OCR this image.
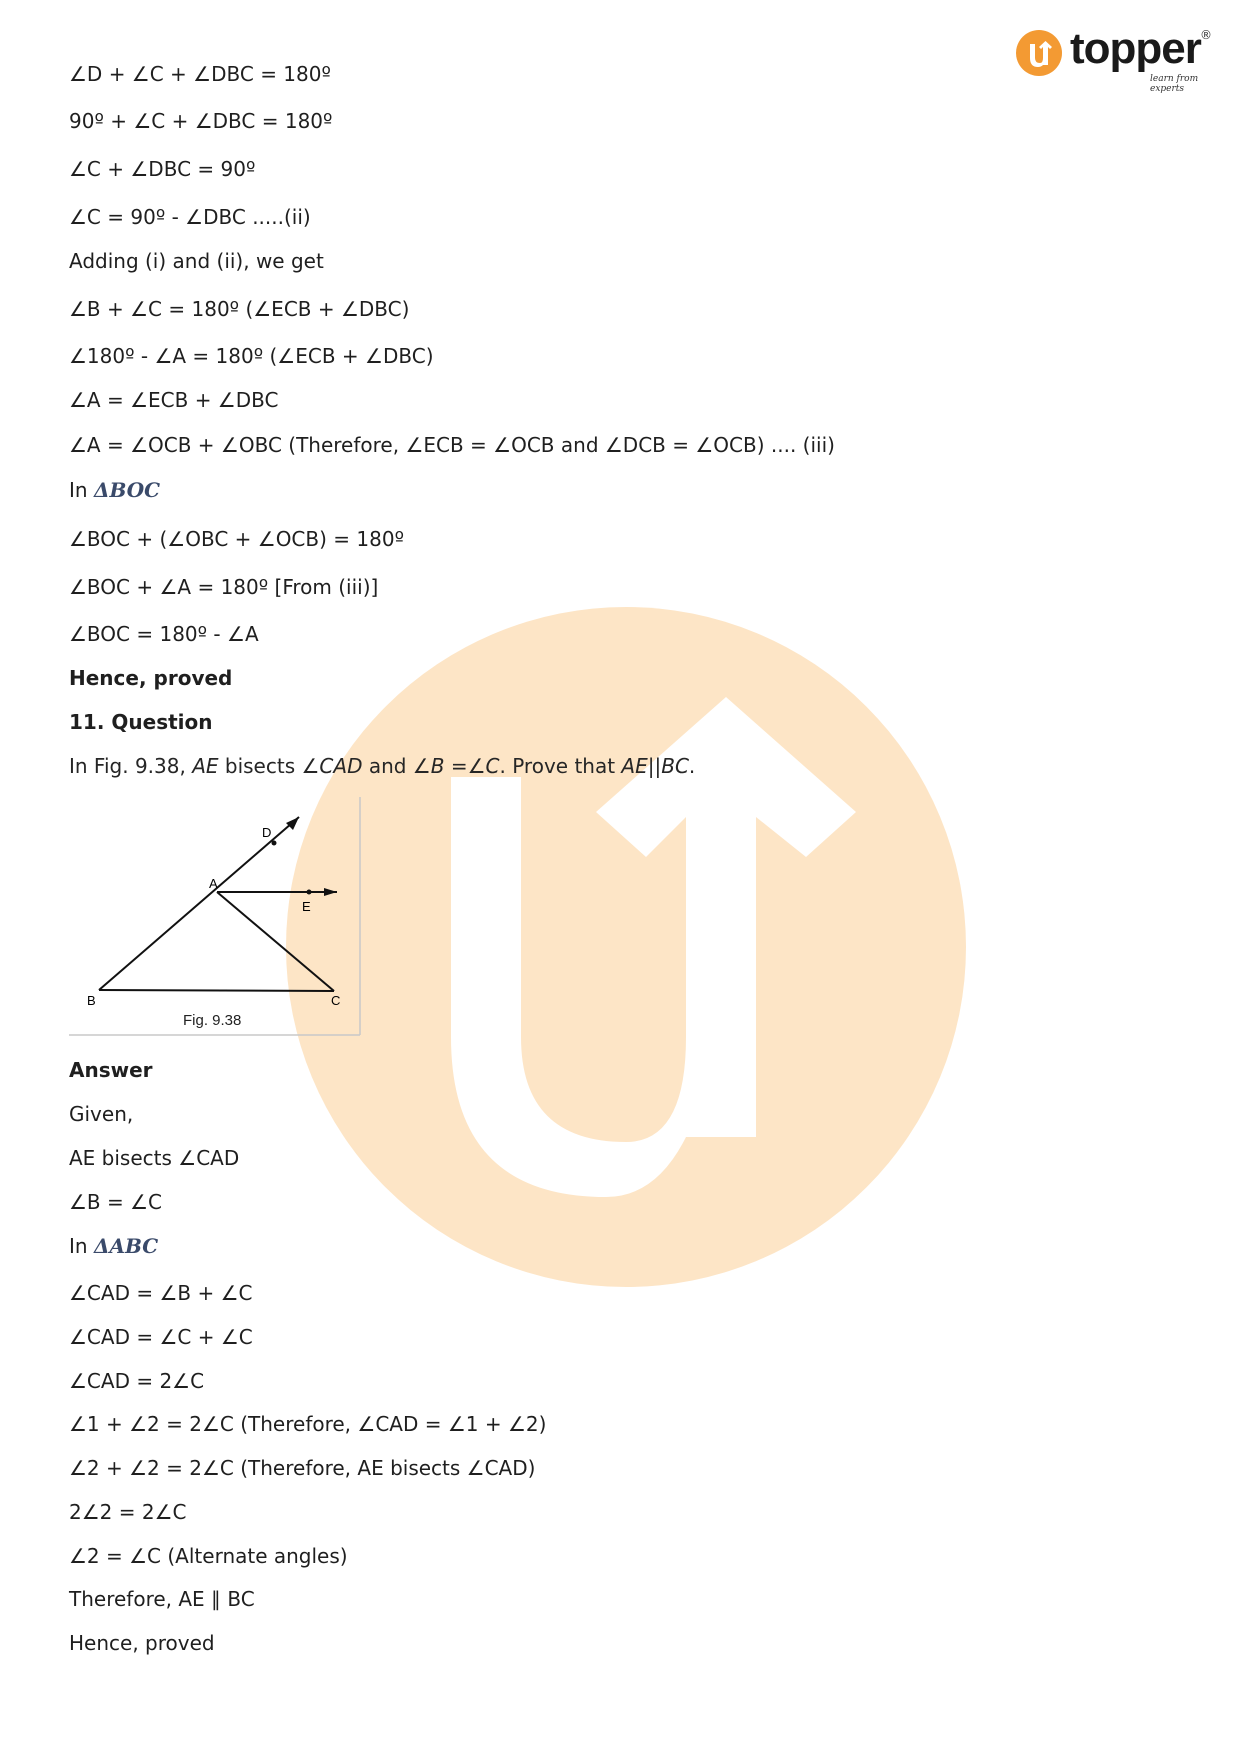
topper ®
learn from experts
∠D + ∠C + ∠DBC = 180º
90º + ∠C + ∠DBC = 180º
∠C + ∠DBC = 90º
∠C = 90º - ∠DBC .....(ii)
Adding (i) and (ii), we get
∠B + ∠C = 180º (∠ECB + ∠DBC)
∠180º - ∠A = 180º (∠ECB + ∠DBC)
∠A = ∠ECB + ∠DBC
∠A = ∠OCB + ∠OBC (Therefore, ∠ECB = ∠OCB and ∠DCB = ∠OCB) .... (iii)
In ΔBOC
∠BOC + (∠OBC + ∠OCB) = 180º
∠BOC + ∠A = 180º [From (iii)]
∠BOC = 180º - ∠A
Hence, proved
11. Question
In Fig. 9.38, AE bisects ∠CAD and ∠B =∠C. Prove that AE||BC.
A
B	C
D
E
Fig. 9.38
Answer
Given,
AE bisects ∠CAD
∠B = ∠C
In ΔABC
∠CAD = ∠B + ∠C
∠CAD = ∠C + ∠C
∠CAD = 2∠C
∠1 + ∠2 = 2∠C (Therefore, ∠CAD = ∠1 + ∠2)
∠2 + ∠2 = 2∠C (Therefore, AE bisects ∠CAD)
2∠2 = 2∠C
∠2 = ∠C (Alternate angles)
Therefore, AE ∥ BC
Hence, proved
